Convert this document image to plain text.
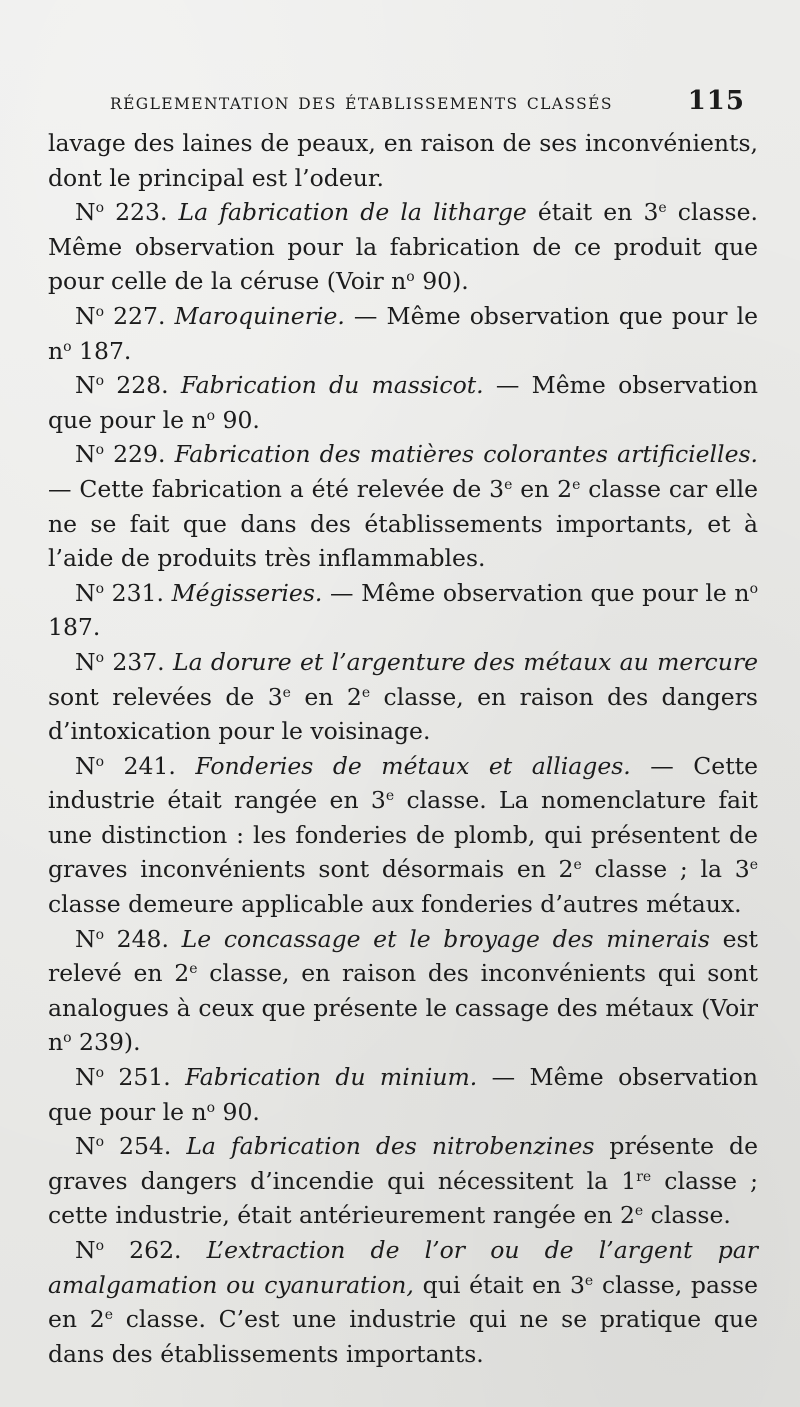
RÉGLEMENTATION DES ÉTABLISSEMENTS CLASSÉS	115

lavage des laines de peaux, en raison de ses inconvénients, dont le principal est l’odeur.

$N^o$ 223. La fabrication de la litharge était en 3e classe. Même observation pour la fabrication de ce produit que pour celle de la céruse (Voir $n^o$ 90).

$N^o$ 227. Maroquinerie. — Même observation que pour le $n^o$ 187.

$N^o$ 228. Fabrication du massicot. — Même observation que pour le $n^o$ 90.

$N^o$ 229. Fabrication des matières colorantes artificielles. — Cette fabrication a été relevée de 3e en 2e classe car elle ne se fait que dans des établissements importants, et à l’aide de produits très inflammables.

$N^o$ 231. Mégisseries. — Même observation que pour le $n^o$ 187.

$N^o$ 237. La dorure et l’argenture des métaux au mercure sont relevées de 3e en 2e classe, en raison des dangers d’intoxication pour le voisinage.

$N^o$ 241. Fonderies de métaux et alliages. — Cette industrie était rangée en 3e classe. La nomenclature fait une distinction : les fonderies de plomb, qui présentent de graves inconvénients sont désormais en 2e classe ; la 3e classe demeure applicable aux fonderies d’autres métaux.

$N^o$ 248. Le concassage et le broyage des minerais est relevé en 2e classe, en raison des inconvénients qui sont analogues à ceux que présente le cassage des métaux (Voir $n^o$ 239).

$N^o$ 251. Fabrication du minium. — Même observation que pour le $n^o$ 90.

$N^o$ 254. La fabrication des nitrobenzines présente de graves dangers d’incendie qui nécessitent la 1re classe ; cette industrie, était antérieurement rangée en 2e classe.

$N^o$ 262. L’extraction de l’or ou de l’argent par amalgamation ou cyanuration, qui était en 3e classe, passe en 2e classe. C’est une industrie qui ne se pratique que dans des établissements importants.
